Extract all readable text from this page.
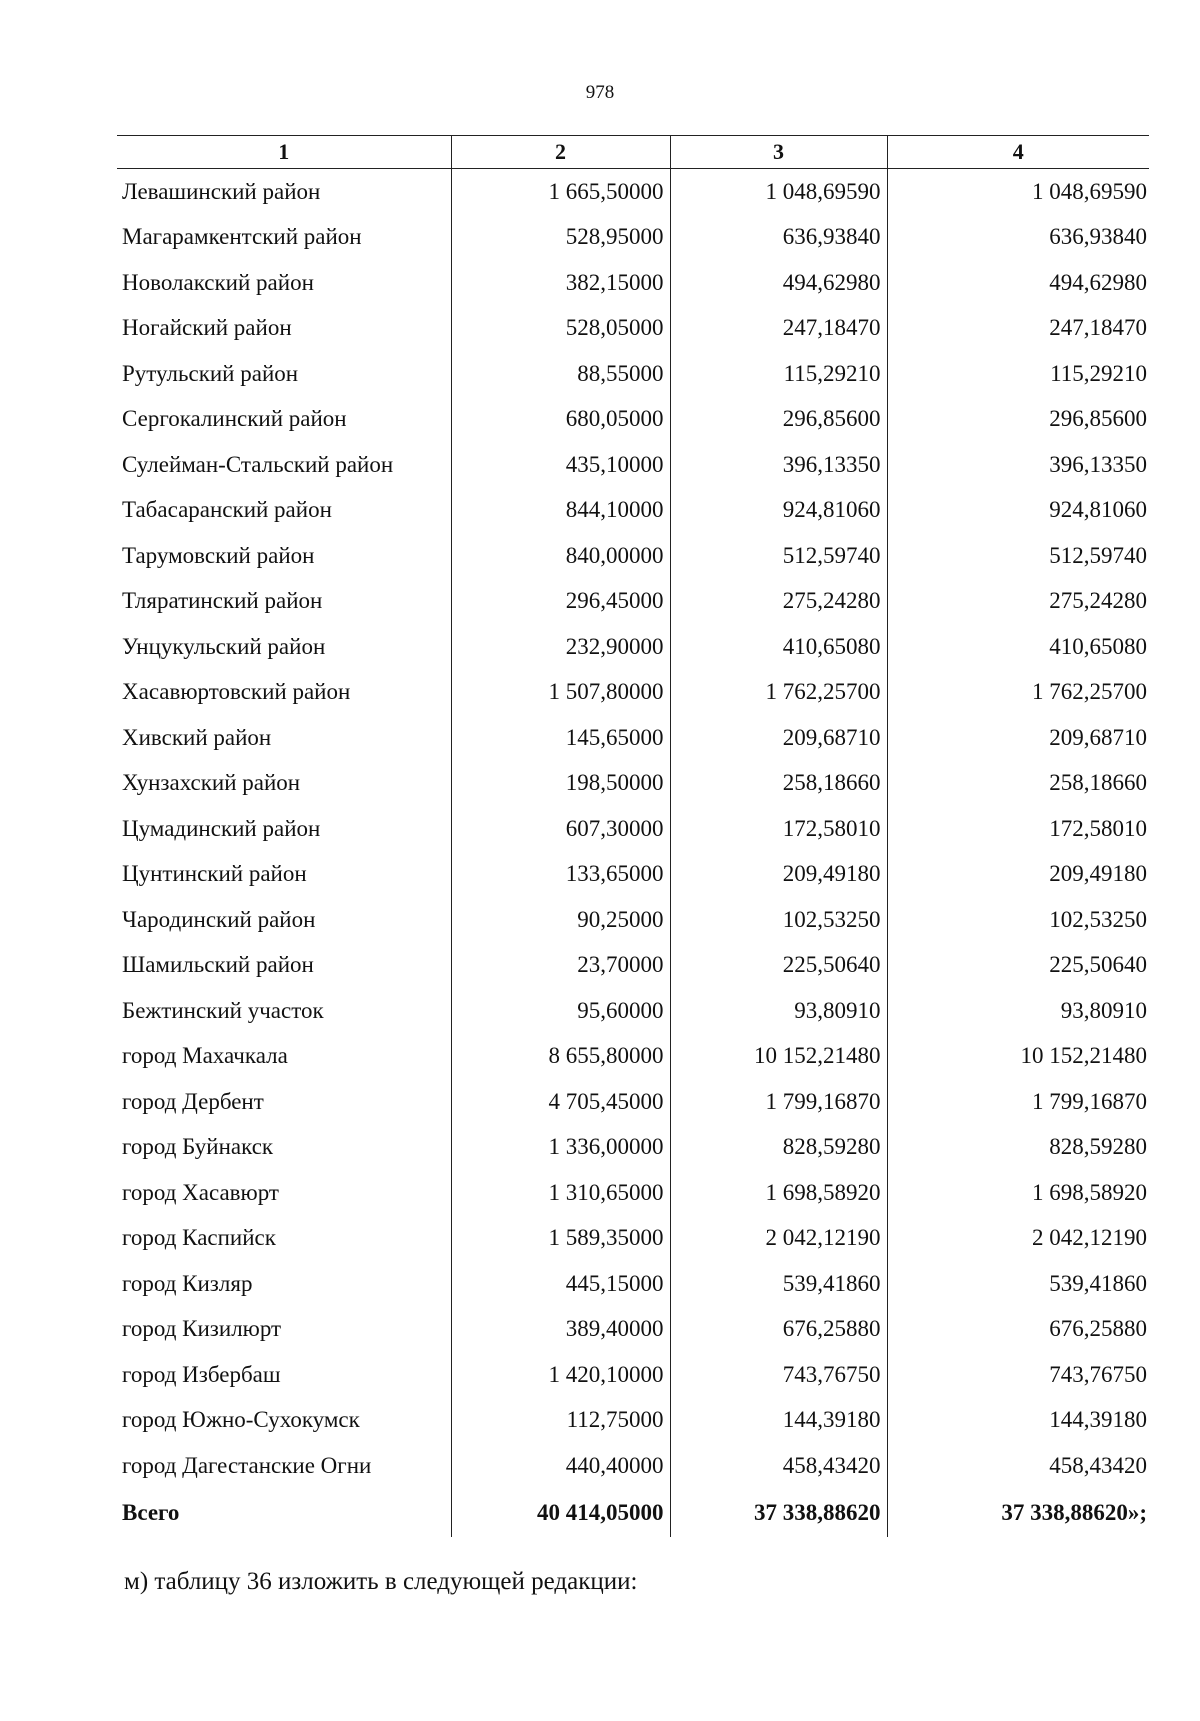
978
1	2	3	4
Левашинский район	1 665,50000	1 048,69590	1 048,69590
Магарамкентский район	528,95000	636,93840	636,93840
Новолакский район	382,15000	494,62980	494,62980
Ногайский район	528,05000	247,18470	247,18470
Рутульский район	88,55000	115,29210	115,29210
Сергокалинский район	680,05000	296,85600	296,85600
Сулейман-Стальский район	435,10000	396,13350	396,13350
Табасаранский район	844,10000	924,81060	924,81060
Тарумовский район	840,00000	512,59740	512,59740
Тляратинский район	296,45000	275,24280	275,24280
Унцукульский район	232,90000	410,65080	410,65080
Хасавюртовский район	1 507,80000	1 762,25700	1 762,25700
Хивский район	145,65000	209,68710	209,68710
Хунзахский район	198,50000	258,18660	258,18660
Цумадинский район	607,30000	172,58010	172,58010
Цунтинский район	133,65000	209,49180	209,49180
Чародинский район	90,25000	102,53250	102,53250
Шамильский район	23,70000	225,50640	225,50640
Бежтинский участок	95,60000	93,80910	93,80910
город Махачкала	8 655,80000	10 152,21480	10 152,21480
город Дербент	4 705,45000	1 799,16870	1 799,16870
город Буйнакск	1 336,00000	828,59280	828,59280
город Хасавюрт	1 310,65000	1 698,58920	1 698,58920
город Каспийск	1 589,35000	2 042,12190	2 042,12190
город Кизляр	445,15000	539,41860	539,41860
город Кизилюрт	389,40000	676,25880	676,25880
город Избербаш	1 420,10000	743,76750	743,76750
город Южно-Сухокумск	112,75000	144,39180	144,39180
город Дагестанские Огни	440,40000	458,43420	458,43420
Всего	40 414,05000	37 338,88620	37 338,88620»;
м) таблицу 36 изложить в следующей редакции:
